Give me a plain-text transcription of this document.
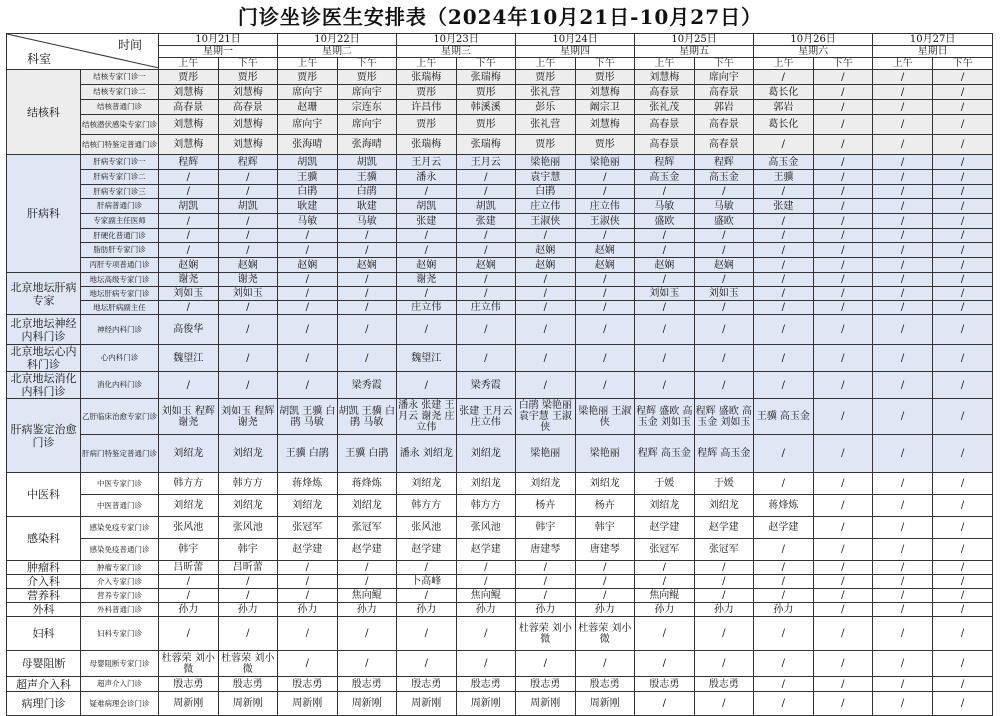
门诊坐诊医生安排表（2024年10月21日-10月27日）
时间
科室		10月21日		10月22日		10月23日		10月24日		10月25日		10月26日		10月27日	
		星期一		星期二		星期三		星期四		星期五		星期六		星期日	
		上午	下午	上午	下午	上午	下午	上午	下午	上午	下午	上午	下午	上午	下午
结核科	结核专家门诊一	贾彤	贾彤	贾彤	贾彤	张瑞梅	张瑞梅	贾彤	贾彤	刘慧梅	席向宇	/	/	/	/
	结核专家门诊二	刘慧梅	刘慧梅	席向宇	席向宇	贾彤	贾彤	张礼营	刘慧梅	高春景	高春景	葛长化	/	/	/
	结核普通门诊	高春景	高春景	赵珊	宗连东	许昌伟	韩溪溪	彭乐	阚宗卫	张礼茂	郭岩	郭岩	/	/	/
	结核潜伏感染专家门诊	刘慧梅	刘慧梅	席向宇	席向宇	贾彤	贾彤	张礼营	刘慧梅	高春景	高春景	葛长化	/	/	/
	结核门特鉴定普通门诊	刘慧梅	刘慧梅	张海晴	张海晴	张瑞梅	张瑞梅	贾彤	贾彤	高春景	高春景	/	/	/	/
肝病科	肝病专家门诊一	程辉	程辉	胡凯	胡凯	王月云	王月云	梁艳丽	梁艳丽	程辉	程辉	高玉金	/	/	/
	肝病专家门诊二	/	/	王骥	王骥	潘永	/	袁宇慧	/	高玉金	高玉金	王骥	/	/	/
	肝病专家门诊三	/	/	白鹃	白鹃	/	/	白鹃	/	/	/	/	/	/	/
	肝病普通门诊	胡凯	胡凯	耿建	耿建	胡凯	胡凯	庄立伟	庄立伟	马敏	马敏	张建	/	/	/
	专家副主任医师	/	/	马敏	马敏	张建	张建	王淑侠	王淑侠	盛欧	盛欧	/	/	/	/
	肝硬化普通门诊	/	/	/	/	/	/	/	/	/	/	/	/	/	/
	脂肪肝专家门诊	/	/	/	/	/	/	赵娴	赵娴	/	/	/	/	/	/
	丙肝专项普通门诊	赵娴	赵娴	赵娴	赵娴	赵娴	赵娴	赵娴	赵娴	赵娴	赵娴	/	/	/	/
北京地坛肝病专家	地坛高级专家门诊	谢尧	谢尧	/	/	谢尧	/	/	/	/	/	/	/	/	/
	地坛肝病专家门诊	刘如玉	刘如玉	/	/	/	/	/	/	刘如玉	刘如玉	/	/	/	/
	地坛肝病副主任	/	/	/	/	庄立伟	庄立伟	/	/	/	/	/	/	/	/
北京地坛神经内科门诊	神经内科门诊	高俊华	/	/	/	/	/	/	/	/	/	/	/	/	/
北京地坛心内科门诊	心内科门诊	魏望江	/	/	/	魏望江	/	/	/	/	/	/	/	/	/
北京地坛消化内科门诊	消化内科门诊	/	/	/	梁秀霞	/	梁秀霞	/	/	/	/	/	/	/	/
肝病鉴定治愈门诊	乙肝临床治愈专家门诊	刘如玉 程辉谢尧	刘如玉 程辉 谢尧	胡凯 王骥 白鹃 马敏	胡凯 王骥 白鹃 马敏	潘永 张建 王月云 谢尧 庄立伟	张建 王月云 庄立伟	白鹃 梁艳丽 袁宇慧 王淑侠	梁艳丽 王淑侠	程辉 盛欧 高玉金 刘如玉	程辉 盛欧 高玉金 刘如玉	王骥 高玉金	/	/	/
	肝病门特鉴定普通门诊	刘绍龙	刘绍龙	王骥 白鹃	王骥 白鹃	潘永 刘绍龙	刘绍龙	梁艳丽	梁艳丽	程辉 高玉金	程辉 高玉金	/	/	/	/
中医科	中医专家门诊	韩方方	韩方方	蒋烽炼	蒋烽炼	刘绍龙	刘绍龙	刘绍龙	刘绍龙	于媛	于媛	/	/	/	/
	中医普通门诊	刘绍龙	刘绍龙	刘绍龙	刘绍龙	韩方方	韩方方	杨卉	杨卉	刘绍龙	刘绍龙	蒋烽炼	/	/	/
感染科	感染免疫专家门诊	张风池	张风池	张冠军	张冠军	张风池	张风池	韩宇	韩宇	赵学建	赵学建	赵学建	/	/	/
	感染免疫普通门诊	韩宇	韩宇	赵学建	赵学建	赵学建	赵学建	唐建琴	唐建琴	张冠军	张冠军	/	/	/	/
肿瘤科	肿瘤专家门诊	吕昕蕾	吕昕蕾	/	/	/	/	/	/	/	/	/	/	/	/
介入科	介入专家门诊	/	/	/	/	卜高峰	/	/	/	/	/	/	/	/	/
营养科	营养专家门诊	/	/	/	焦向鲲	/	焦向鲲	/	/	焦向鲲	/	/	/	/	/
外科	外科普通门诊	孙力	孙力	孙力	孙力	孙力	孙力	孙力	孙力	孙力	孙力	孙力	/	/	/
妇科	妇科专家门诊	/	/	/	/	/	/	杜蓉荣 刘小微	杜蓉荣 刘小微	/	/	/	/	/	/
母婴阻断	母婴阻断专家门诊	杜蓉荣 刘小微	杜蓉荣 刘小微	/	/	/	/	/	/	/	/	/	/	/	/
超声介入科	超声介入门诊	殷志勇	殷志勇	殷志勇	殷志勇	殷志勇	殷志勇	殷志勇	殷志勇	殷志勇	殷志勇	/	/	/	/
病理门诊	疑难病理会诊门诊	周新刚	周新刚	周新刚	周新刚	周新刚	周新刚	周新刚	周新刚	/	/	/	/	/	/
